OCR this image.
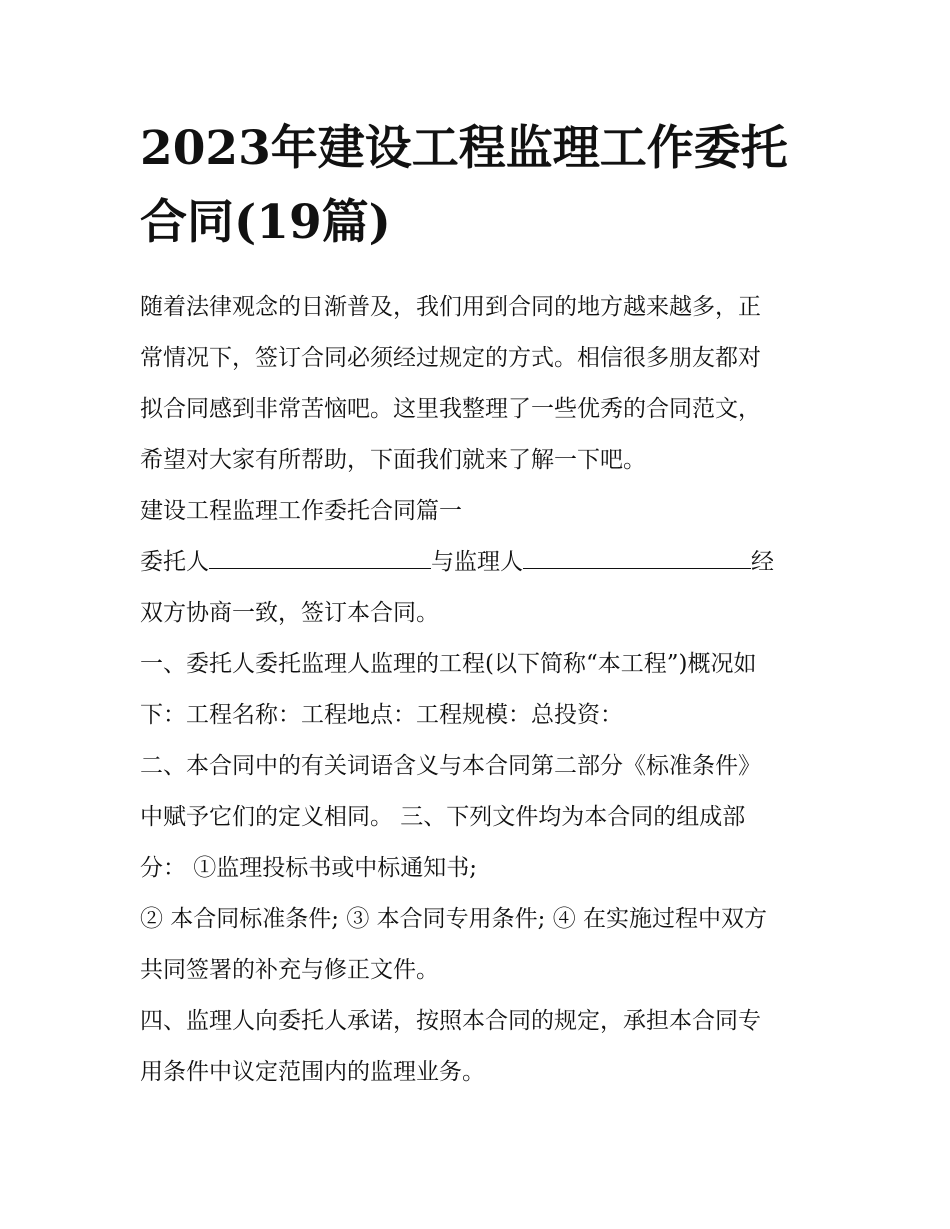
2023年建设工程监理工作委托
合同(19篇)

随着法律观念的日渐普及，我们用到合同的地方越来越多，正
常情况下，签订合同必须经过规定的方式。相信很多朋友都对
拟合同感到非常苦恼吧。这里我整理了一些优秀的合同范文，
希望对大家有所帮助，下面我们就来了解一下吧。

建设工程监理工作委托合同篇一

委托人	与监理人	经
双方协商一致，签订本合同。

一、委托人委托监理人监理的工程(以下简称“本工程”)概况如
下：工程名称：工程地点：工程规模：总投资：

二、本合同中的有关词语含义与本合同第二部分《标准条件》
中赋予它们的定义相同。 三、下列文件均为本合同的组成部
分： ①监理投标书或中标通知书;

② 本合同标准条件; ③ 本合同专用条件; ④ 在实施过程中双方
共同签署的补充与修正文件。

四、监理人向委托人承诺，按照本合同的规定，承担本合同专
用条件中议定范围内的监理业务。
